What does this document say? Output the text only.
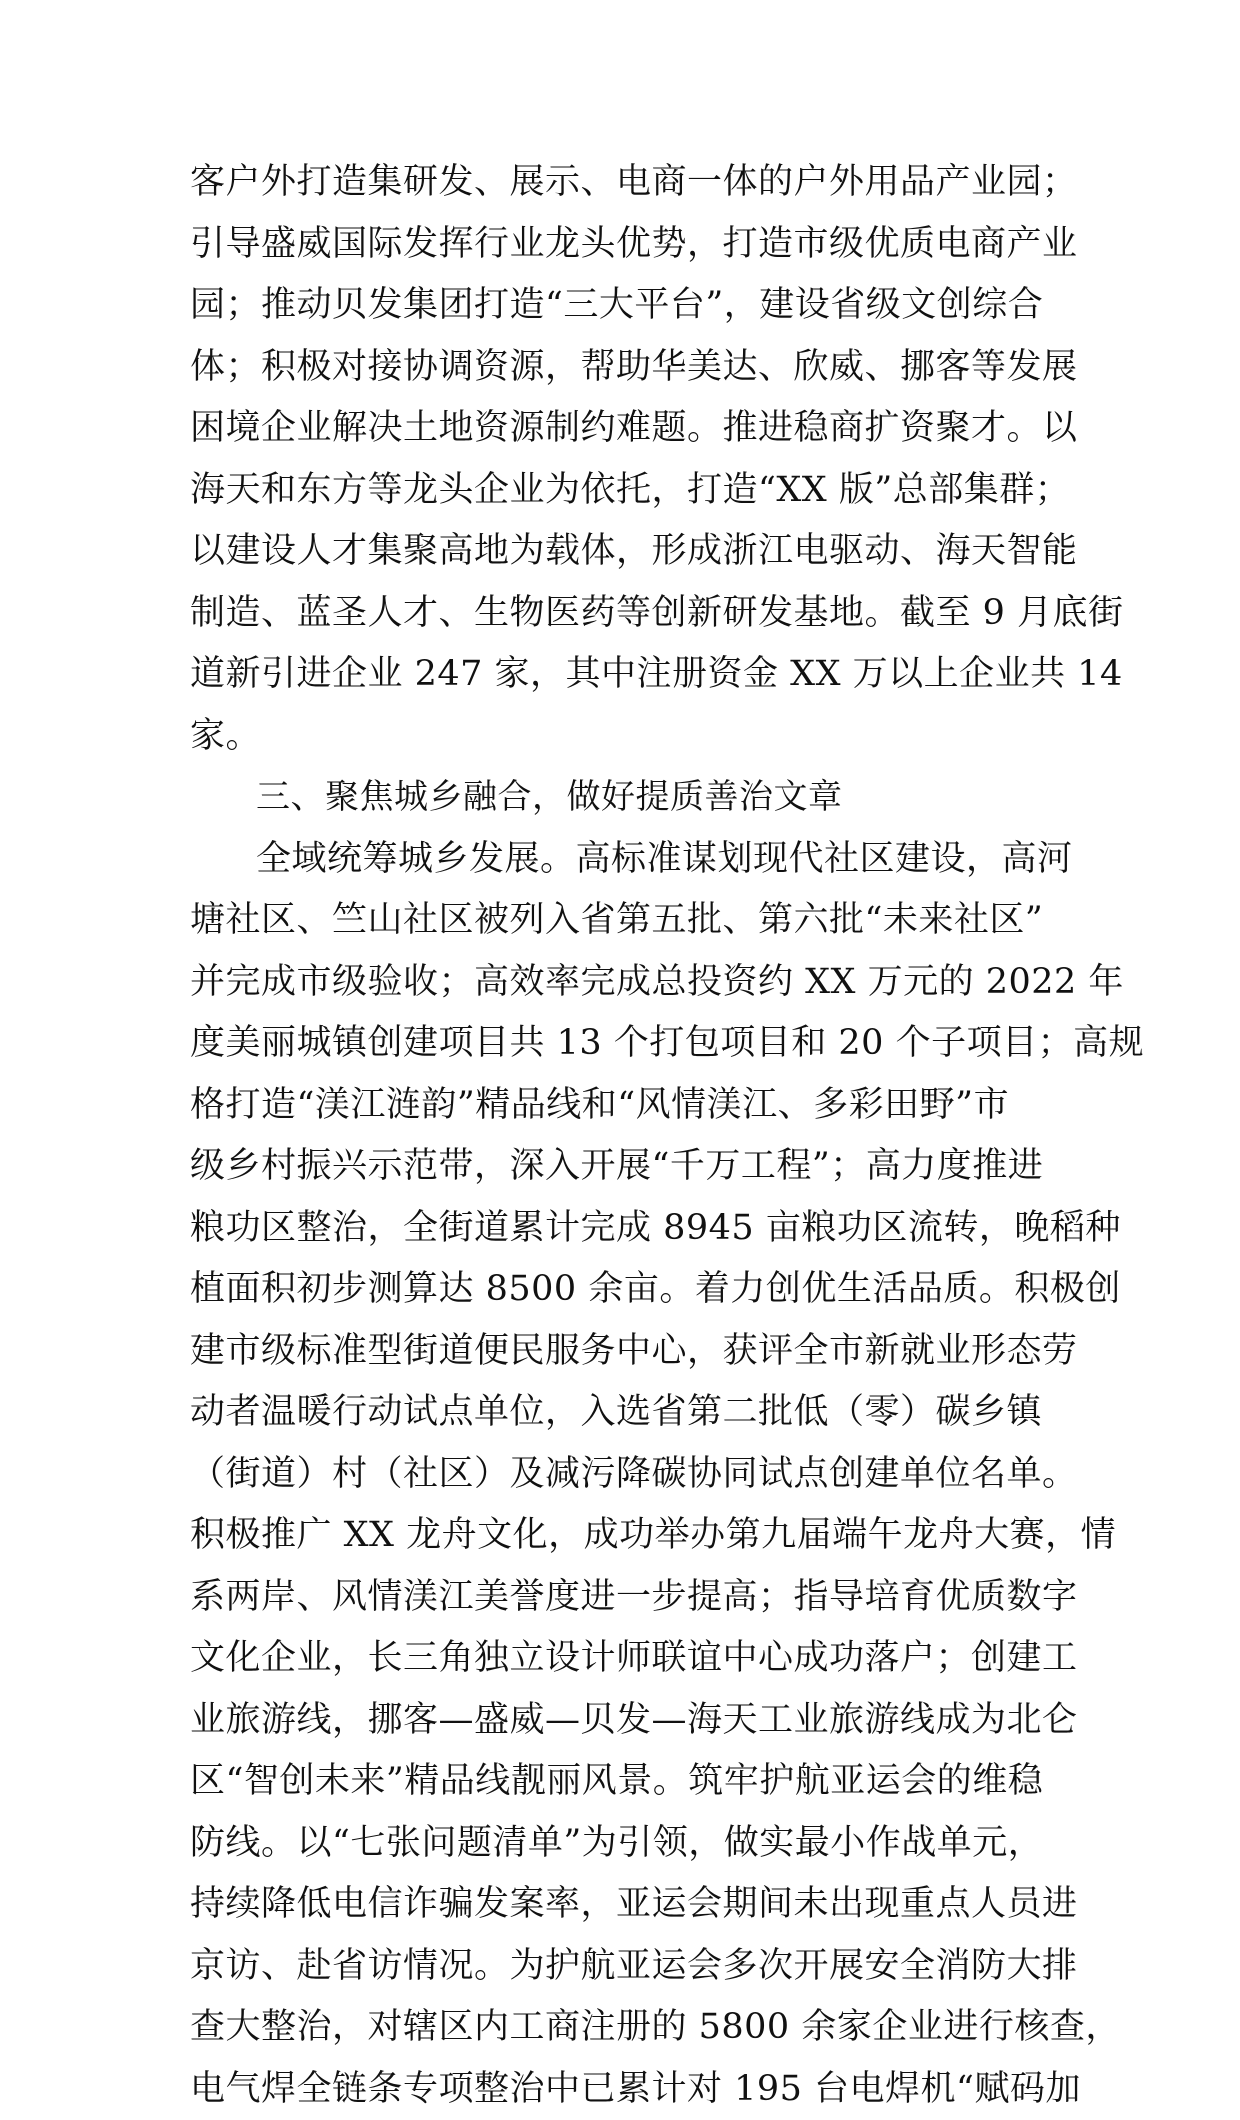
客户外打造集研发、展示、电商一体的户外用品产业园；
引导盛威国际发挥行业龙头优势，打造市级优质电商产业
园；推动贝发集团打造“三大平台”，建设省级文创综合
体；积极对接协调资源，帮助华美达、欣威、挪客等发展
困境企业解决土地资源制约难题。推进稳商扩资聚才。以
海天和东方等龙头企业为依托，打造“XX 版”总部集群；
以建设人才集聚高地为载体，形成浙江电驱动、海天智能
制造、蓝圣人才、生物医药等创新研发基地。截至 9 月底街
道新引进企业 247 家，其中注册资金 XX 万以上企业共 14
家。
三、聚焦城乡融合，做好提质善治文章
全域统筹城乡发展。高标准谋划现代社区建设，高河
塘社区、竺山社区被列入省第五批、第六批“未来社区”
并完成市级验收；高效率完成总投资约 XX 万元的 2022 年
度美丽城镇创建项目共 13 个打包项目和 20 个子项目；高规
格打造“渼江涟韵”精品线和“风情渼江、多彩田野”市
级乡村振兴示范带，深入开展“千万工程”；高力度推进
粮功区整治，全街道累计完成 8945 亩粮功区流转，晚稻种
植面积初步测算达 8500 余亩。着力创优生活品质。积极创
建市级标准型街道便民服务中心，获评全市新就业形态劳
动者温暖行动试点单位，入选省第二批低（零）碳乡镇
（街道）村（社区）及减污降碳协同试点创建单位名单。
积极推广 XX 龙舟文化，成功举办第九届端午龙舟大赛，情
系两岸、风情渼江美誉度进一步提高；指导培育优质数字
文化企业，长三角独立设计师联谊中心成功落户；创建工
业旅游线，挪客—盛威—贝发—海天工业旅游线成为北仑
区“智创未来”精品线靓丽风景。筑牢护航亚运会的维稳
防线。以“七张问题清单”为引领，做实最小作战单元，
持续降低电信诈骗发案率，亚运会期间未出现重点人员进
京访、赴省访情况。为护航亚运会多次开展安全消防大排
查大整治，对辖区内工商注册的 5800 余家企业进行核查，
电气焊全链条专项整治中已累计对 195 台电焊机“赋码加
